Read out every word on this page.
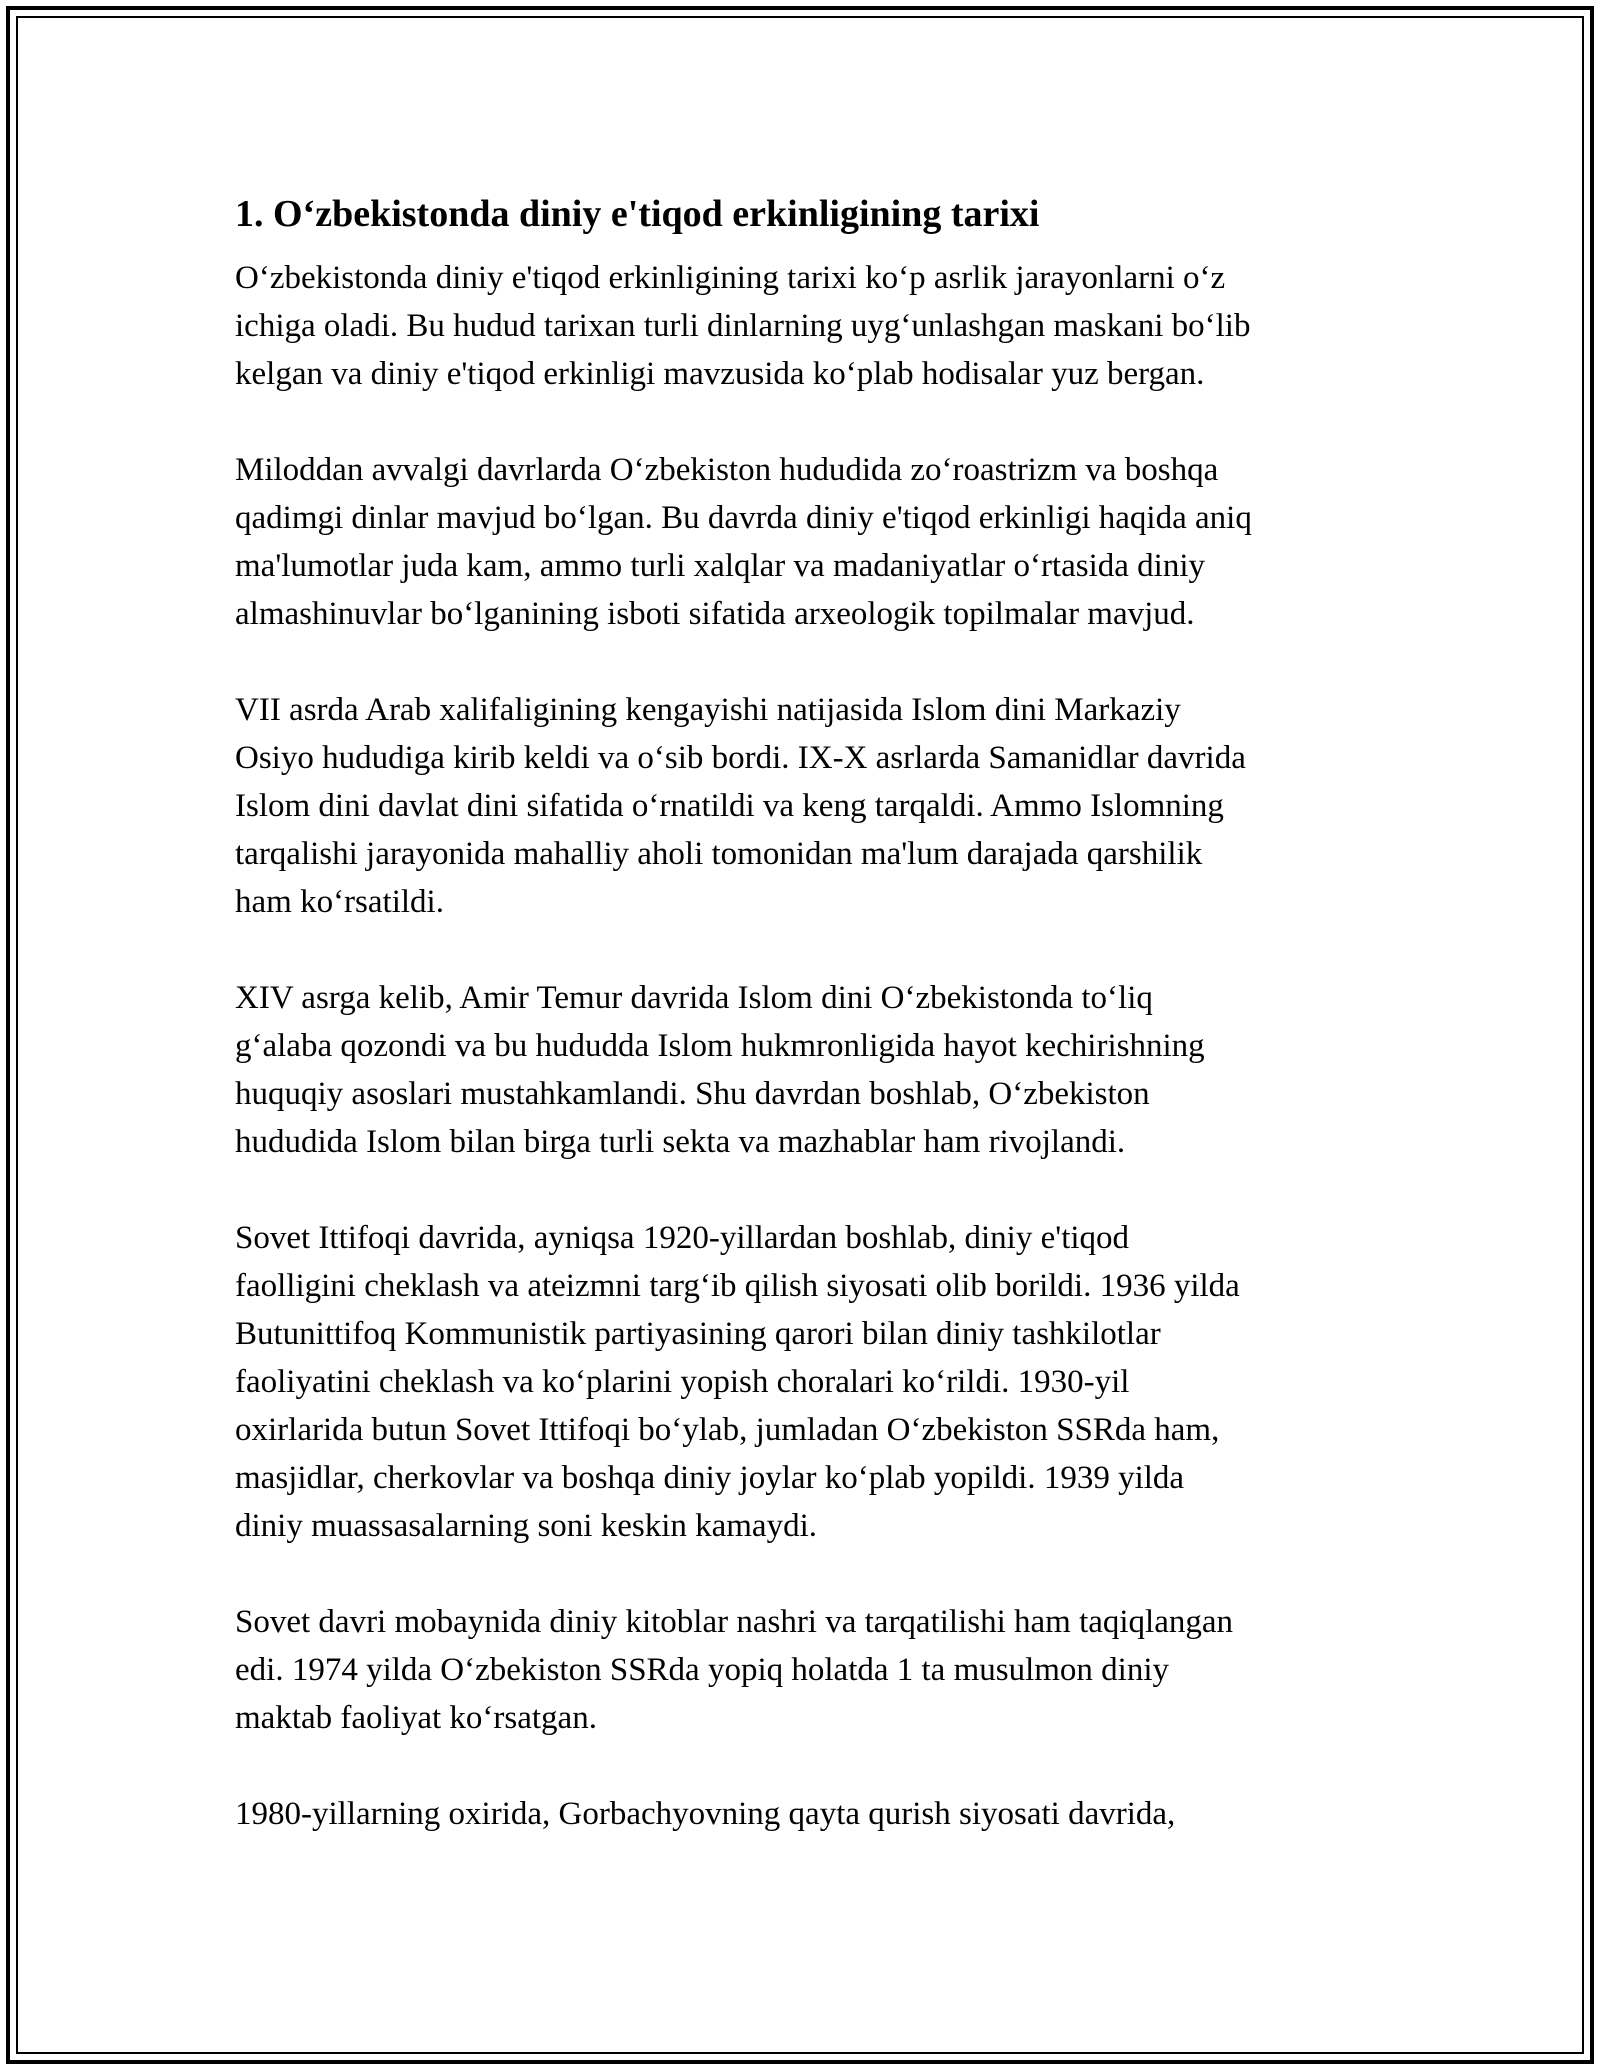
1. O‘zbekistonda diniy e'tiqod erkinligining tarixi

O‘zbekistonda diniy e'tiqod erkinligining tarixi ko‘p asrlik jarayonlarni o‘z
ichiga oladi. Bu hudud tarixan turli dinlarning uyg‘unlashgan maskani bo‘lib
kelgan va diniy e'tiqod erkinligi mavzusida ko‘plab hodisalar yuz bergan.

Miloddan avvalgi davrlarda O‘zbekiston hududida zo‘roastrizm va boshqa
qadimgi dinlar mavjud bo‘lgan. Bu davrda diniy e'tiqod erkinligi haqida aniq
ma'lumotlar juda kam, ammo turli xalqlar va madaniyatlar o‘rtasida diniy
almashinuvlar bo‘lganining isboti sifatida arxeologik topilmalar mavjud.

VII asrda Arab xalifaligining kengayishi natijasida Islom dini Markaziy
Osiyo hududiga kirib keldi va o‘sib bordi. IX-X asrlarda Samanidlar davrida
Islom dini davlat dini sifatida o‘rnatildi va keng tarqaldi. Ammo Islomning
tarqalishi jarayonida mahalliy aholi tomonidan ma'lum darajada qarshilik
ham ko‘rsatildi.

XIV asrga kelib, Amir Temur davrida Islom dini O‘zbekistonda to‘liq
g‘alaba qozondi va bu hududda Islom hukmronligida hayot kechirishning
huquqiy asoslari mustahkamlandi. Shu davrdan boshlab, O‘zbekiston
hududida Islom bilan birga turli sekta va mazhablar ham rivojlandi.

Sovet Ittifoqi davrida, ayniqsa 1920-yillardan boshlab, diniy e'tiqod
faolligini cheklash va ateizmni targ‘ib qilish siyosati olib borildi. 1936 yilda
Butunittifoq Kommunistik partiyasining qarori bilan diniy tashkilotlar
faoliyatini cheklash va ko‘plarini yopish choralari ko‘rildi. 1930-yil
oxirlarida butun Sovet Ittifoqi bo‘ylab, jumladan O‘zbekiston SSRda ham,
masjidlar, cherkovlar va boshqa diniy joylar ko‘plab yopildi. 1939 yilda
diniy muassasalarning soni keskin kamaydi.

Sovet davri mobaynida diniy kitoblar nashri va tarqatilishi ham taqiqlangan
edi. 1974 yilda O‘zbekiston SSRda yopiq holatda 1 ta musulmon diniy
maktab faoliyat ko‘rsatgan.

1980-yillarning oxirida, Gorbachyovning qayta qurish siyosati davrida,
